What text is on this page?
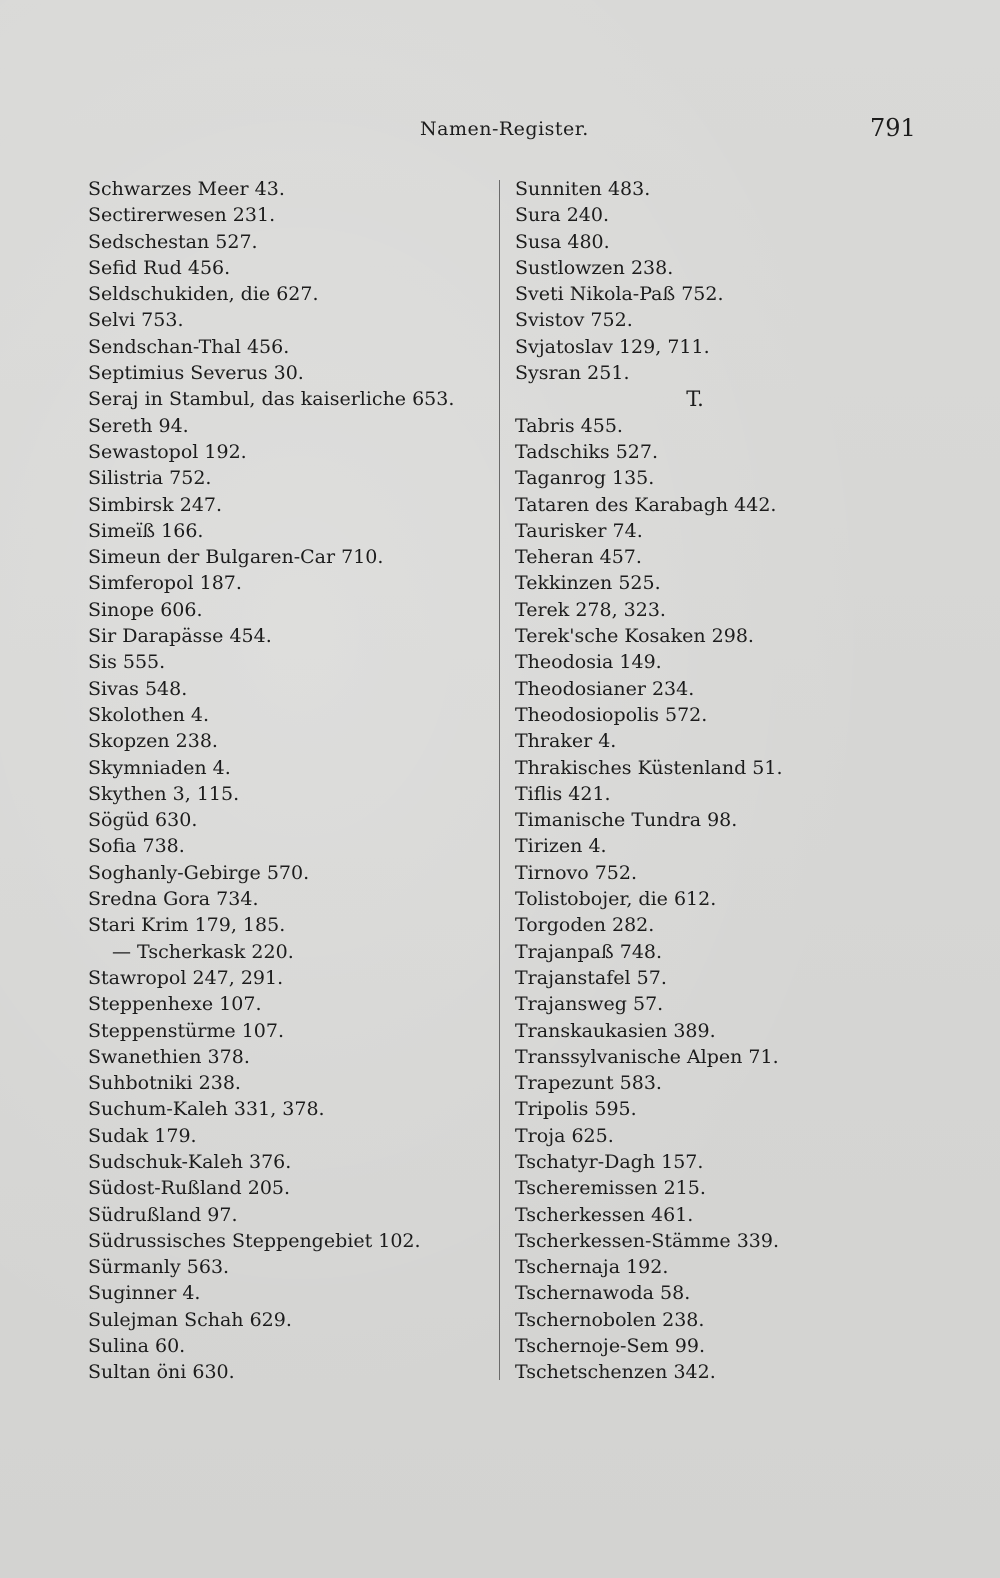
Namen-Register.	791
Schwarzes Meer 43.
Sectirerwesen 231.
Sedschestan 527.
Sefid Rud 456.
Seldschukiden, die 627.
Selvi 753.
Sendschan-Thal 456.
Septimius Severus 30.
Seraj in Stambul, das kaiserliche 653.
Sereth 94.
Sewastopol 192.
Silistria 752.
Simbirsk 247.
Simeïß 166.
Simeun der Bulgaren-Car 710.
Simferopol 187.
Sinope 606.
Sir Darapässe 454.
Sis 555.
Sivas 548.
Skolothen 4.
Skopzen 238.
Skymniaden 4.
Skythen 3, 115.
Sögüd 630.
Sofia 738.
Soghanly-Gebirge 570.
Sredna Gora 734.
Stari Krim 179, 185.
— Tscherkask 220.
Stawropol 247, 291.
Steppenhexe 107.
Steppenstürme 107.
Swanethien 378.
Suhbotniki 238.
Suchum-Kaleh 331, 378.
Sudak 179.
Sudschuk-Kaleh 376.
Südost-Rußland 205.
Südrußland 97.
Südrussisches Steppengebiet 102.
Sürmanly 563.
Suginner 4.
Sulejman Schah 629.
Sulina 60.
Sultan öni 630.
Sunniten 483.
Sura 240.
Susa 480.
Sustlowzen 238.
Sveti Nikola-Paß 752.
Svistov 752.
Svjatoslav 129, 711.
Sysran 251.
T.
Tabris 455.
Tadschiks 527.
Taganrog 135.
Tataren des Karabagh 442.
Taurisker 74.
Teheran 457.
Tekkinzen 525.
Terek 278, 323.
Terek'sche Kosaken 298.
Theodosia 149.
Theodosianer 234.
Theodosiopolis 572.
Thraker 4.
Thrakisches Küstenland 51.
Tiflis 421.
Timanische Tundra 98.
Tirizen 4.
Tirnovo 752.
Tolistobojer, die 612.
Torgoden 282.
Trajanpaß 748.
Trajanstafel 57.
Trajansweg 57.
Transkaukasien 389.
Transsylvanische Alpen 71.
Trapezunt 583.
Tripolis 595.
Troja 625.
Tschatyr-Dagh 157.
Tscheremissen 215.
Tscherkessen 461.
Tscherkessen-Stämme 339.
Tschernaja 192.
Tschernawoda 58.
Tschernobolen 238.
Tschernoje-Sem 99.
Tschetschenzen 342.
